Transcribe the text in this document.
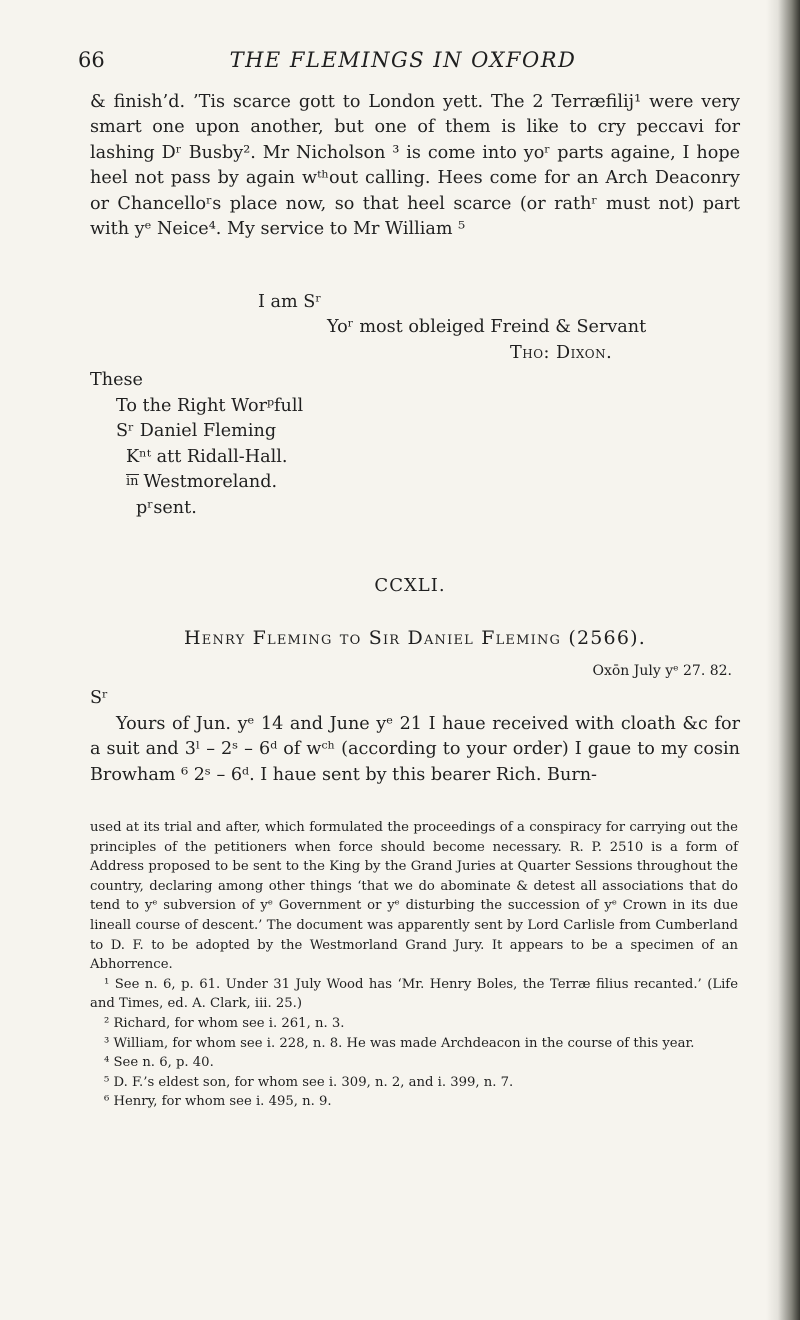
66	THE FLEMINGS IN OXFORD

& finish’d. ’Tis scarce gott to London yett. The 2 Terræfilij¹ were very smart one upon another, but one of them is like to cry peccavi for lashing Dʳ Busby². Mr Nicholson ³ is come into yoʳ parts againe, I hope heel not pass by again wᵗʰout calling. Hees come for an Arch Deaconry or Chancelloʳs place now, so that heel scarce (or rathʳ must not) part with yᵉ Neice⁴. My service to Mr William ⁵

I am Sʳ
Yoʳ most obleiged Freind & Servant
Tho: Dixon.
These
To the Right Worᵖfull
Sʳ Daniel Fleming
Kⁿᵗ att Ridall-Hall.
in Westmoreland.
pʳsent.
CCXLI.
Henry Fleming to Sir Daniel Fleming (2566).
Oxōn July yᵉ 27. 82.
Sʳ

Yours of Jun. yᵉ 14 and June yᵉ 21 I haue received with cloath &c for a suit and 3ˡ – 2ˢ – 6ᵈ of wᶜʰ (according to your order) I gaue to my cosin Browham ⁶ 2ˢ – 6ᵈ. I haue sent by this bearer Rich. Burn-

used at its trial and after, which formulated the proceedings of a conspiracy for carrying out the principles of the petitioners when force should become necessary. R. P. 2510 is a form of Address proposed to be sent to the King by the Grand Juries at Quarter Sessions throughout the country, declaring among other things ‘that we do abominate & detest all associations that do tend to yᵉ subversion of yᵉ Government or yᵉ disturbing the succession of yᵉ Crown in its due lineall course of descent.’ The document was apparently sent by Lord Carlisle from Cumberland to D. F. to be adopted by the Westmorland Grand Jury. It appears to be a specimen of an Abhorrence.

¹ See n. 6, p. 61. Under 31 July Wood has ‘Mr. Henry Boles, the Terræ filius recanted.’ (Life and Times, ed. A. Clark, iii. 25.)

² Richard, for whom see i. 261, n. 3.

³ William, for whom see i. 228, n. 8. He was made Archdeacon in the course of this year.

⁴ See n. 6, p. 40.

⁵ D. F.’s eldest son, for whom see i. 309, n. 2, and i. 399, n. 7.

⁶ Henry, for whom see i. 495, n. 9.
